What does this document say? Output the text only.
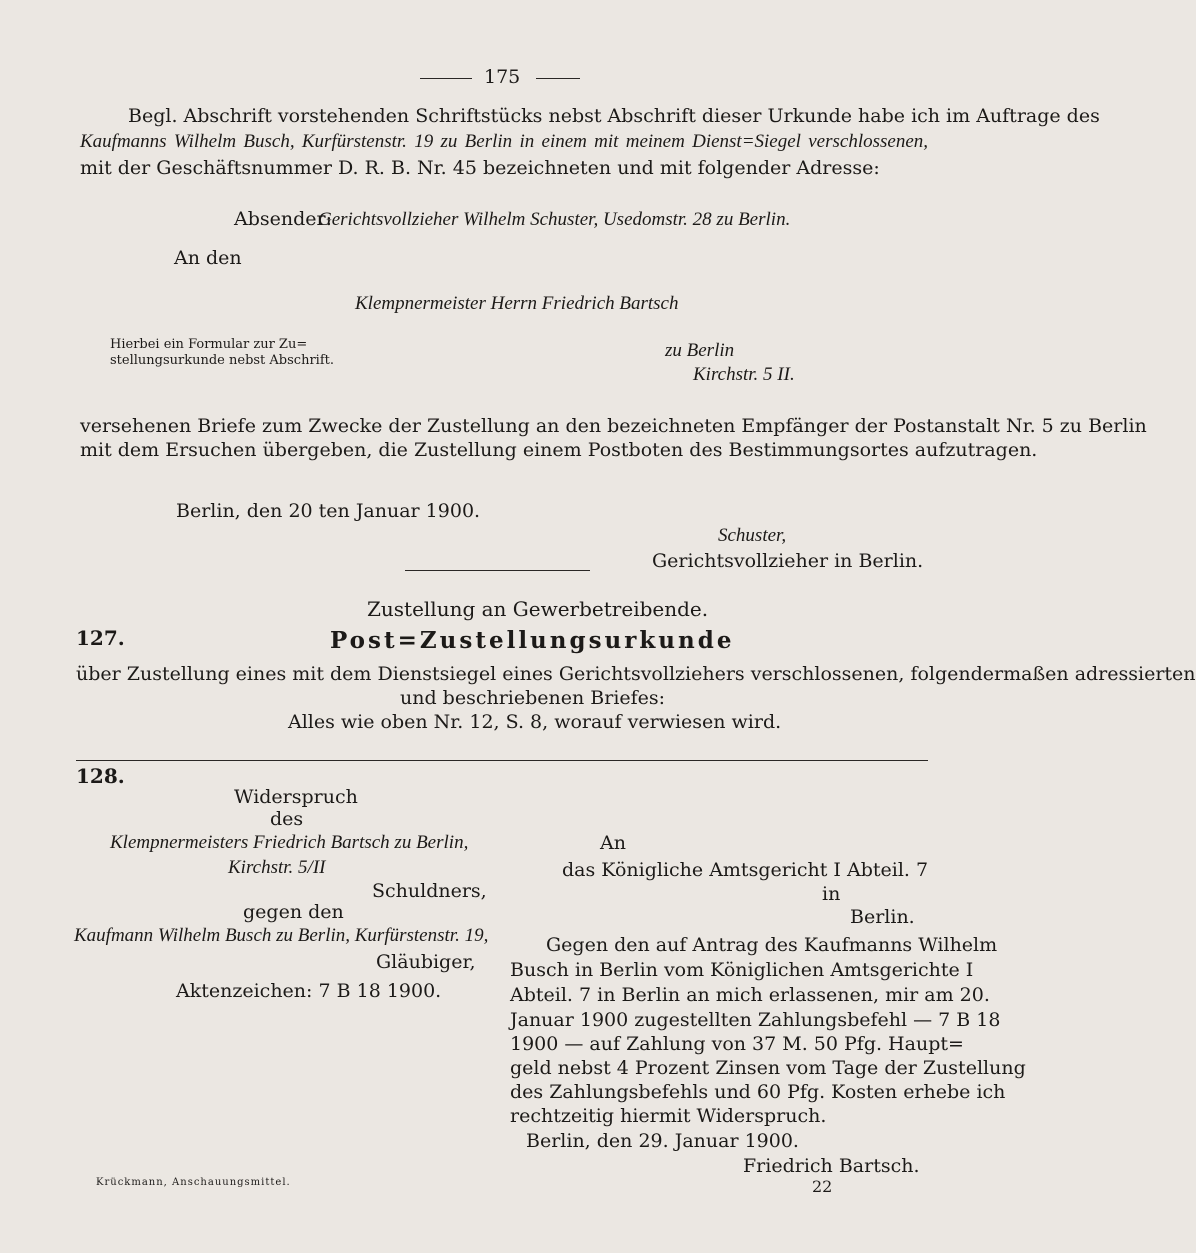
175
Begl. Abschrift vorstehenden Schriftstücks nebst Abschrift dieser Urkunde habe ich im Auftrage des
Kaufmanns Wilhelm Busch, Kurfürstenstr. 19 zu Berlin in einem mit meinem Dienst=Siegel verschlossenen,
mit der Geschäftsnummer D. R. B. Nr. 45 bezeichneten und mit folgender Adresse:
Absender:
Gerichtsvollzieher Wilhelm Schuster, Usedomstr. 28 zu Berlin.
An den
Klempnermeister Herrn Friedrich Bartsch
Hierbei ein Formular zur Zu=
stellungsurkunde nebst Abschrift.	zu Berlin
Kirchstr. 5 II.
versehenen Briefe zum Zwecke der Zustellung an den bezeichneten Empfänger der Postanstalt Nr. 5 zu Berlin
mit dem Ersuchen übergeben, die Zustellung einem Postboten des Bestimmungsortes aufzutragen.
Berlin, den 20 ten Januar 1900.
Schuster,
Gerichtsvollzieher in Berlin.
Zustellung an Gewerbetreibende.
127.	Post=Zustellungsurkunde
über Zustellung eines mit dem Dienstsiegel eines Gerichtsvollziehers verschlossenen, folgendermaßen adressierten
und beschriebenen Briefes:
Alles wie oben Nr. 12, S. 8, worauf verwiesen wird.
128.
Widerspruch
des
Klempnermeisters Friedrich Bartsch zu Berlin,
Kirchstr. 5/II
Schuldners,
gegen den
Kaufmann Wilhelm Busch zu Berlin, Kurfürstenstr. 19,
Gläubiger,
Aktenzeichen: 7 B 18 1900.
An
das Königliche Amtsgericht I Abteil. 7
in
Berlin.
Gegen den auf Antrag des Kaufmanns Wilhelm
Busch in Berlin vom Königlichen Amtsgerichte I
Abteil. 7 in Berlin an mich erlassenen, mir am 20.
Januar 1900 zugestellten Zahlungsbefehl — 7 B 18
1900 — auf Zahlung von 37 M. 50 Pfg. Haupt=
geld nebst 4 Prozent Zinsen vom Tage der Zustellung
des Zahlungsbefehls und 60 Pfg. Kosten erhebe ich
rechtzeitig hiermit Widerspruch.
Berlin, den 29. Januar 1900.
Friedrich Bartsch.
Krückmann, Anschauungsmittel.	22
